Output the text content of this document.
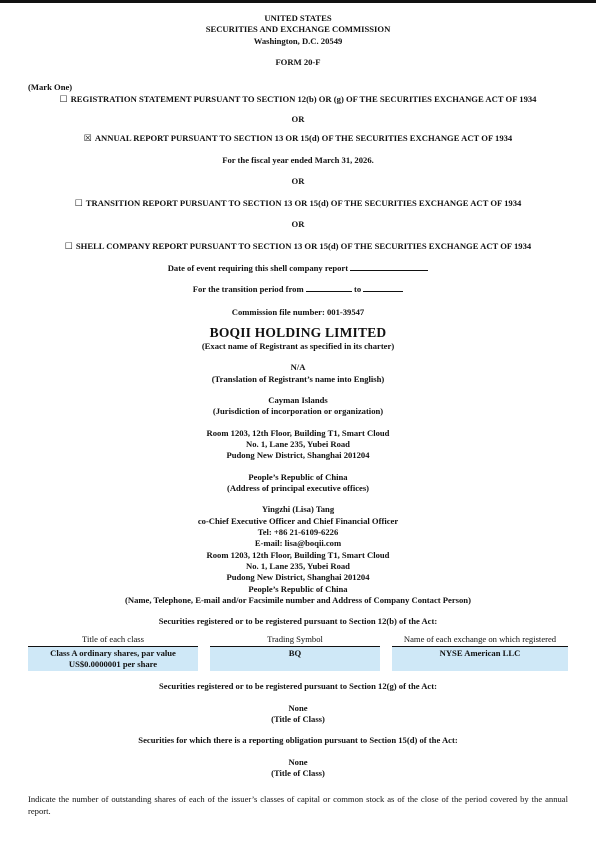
UNITED STATES
SECURITIES AND EXCHANGE COMMISSION
Washington, D.C. 20549
FORM 20-F
(Mark One)
☐ REGISTRATION STATEMENT PURSUANT TO SECTION 12(b) OR (g) OF THE SECURITIES EXCHANGE ACT OF 1934
OR
☒ ANNUAL REPORT PURSUANT TO SECTION 13 OR 15(d) OF THE SECURITIES EXCHANGE ACT OF 1934
For the fiscal year ended March 31, 2026.
OR
☐ TRANSITION REPORT PURSUANT TO SECTION 13 OR 15(d) OF THE SECURITIES EXCHANGE ACT OF 1934
OR
☐ SHELL COMPANY REPORT PURSUANT TO SECTION 13 OR 15(d) OF THE SECURITIES EXCHANGE ACT OF 1934
Date of event requiring this shell company report
For the transition period from	to
Commission file number: 001-39547
BOQII HOLDING LIMITED
(Exact name of Registrant as specified in its charter)
N/A
(Translation of Registrant’s name into English)
Cayman Islands
(Jurisdiction of incorporation or organization)
Room 1203, 12th Floor, Building T1, Smart Cloud
No. 1, Lane 235, Yubei Road
Pudong New District, Shanghai 201204
People’s Republic of China
(Address of principal executive offices)
Yingzhi (Lisa) Tang
co-Chief Executive Officer and Chief Financial Officer
Tel: +86 21-6109-6226
E-mail: lisa@boqii.com
Room 1203, 12th Floor, Building T1, Smart Cloud
No. 1, Lane 235, Yubei Road
Pudong New District, Shanghai 201204
People’s Republic of China
(Name, Telephone, E-mail and/or Facsimile number and Address of Company Contact Person)
Securities registered or to be registered pursuant to Section 12(b) of the Act:
Title of each class		Trading Symbol		Name of each exchange on which registered

Class A ordinary shares, par value
US$0.0000001 per share		BQ		NYSE American LLC
Securities registered or to be registered pursuant to Section 12(g) of the Act:
None
(Title of Class)
Securities for which there is a reporting obligation pursuant to Section 15(d) of the Act:
None
(Title of Class)
Indicate the number of outstanding shares of each of the issuer’s classes of capital or common stock as of the close of the period covered by the annual report.
